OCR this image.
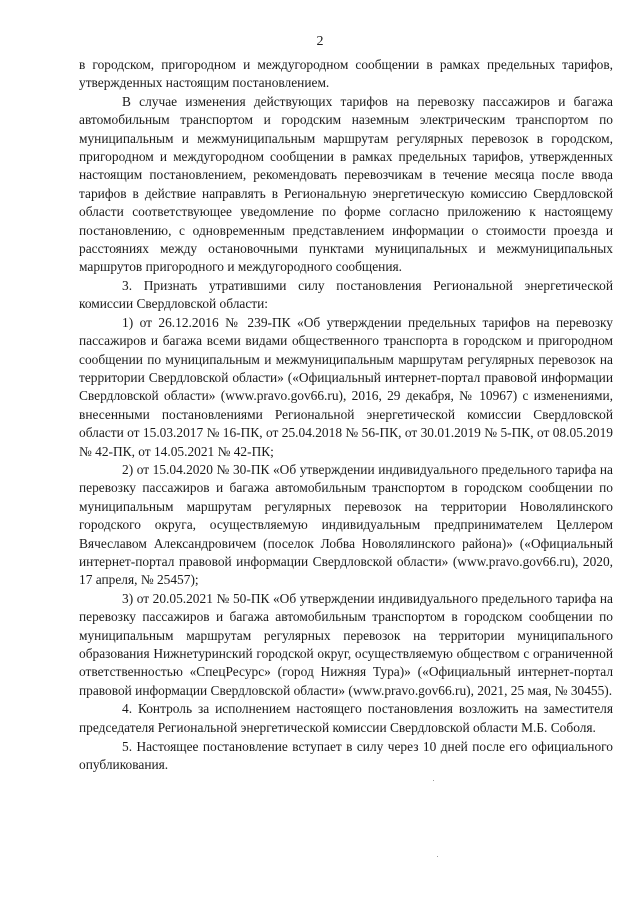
2

в городском, пригородном и междугородном сообщении в рамках предельных тарифов, утвержденных настоящим постановлением.

В случае изменения действующих тарифов на перевозку пассажиров и багажа автомобильным транспортом и городским наземным электрическим транспортом по муниципальным и межмуниципальным маршрутам регулярных перевозок в городском, пригородном и междугородном сообщении в рамках предельных тарифов, утвержденных настоящим постановлением, рекомендовать перевозчикам в течение месяца после ввода тарифов в действие направлять в Региональную энергетическую комиссию Свердловской области соответствующее уведомление по форме согласно приложению к настоящему постановлению, с одновременным представлением информации о стоимости проезда и расстояниях между остановочными пунктами муниципальных и межмуниципальных маршрутов пригородного и междугородного сообщения.

3. Признать утратившими силу постановления Региональной энергетической комиссии Свердловской области:

1) от 26.12.2016 № 239-ПК «Об утверждении предельных тарифов на перевозку пассажиров и багажа всеми видами общественного транспорта в городском и пригородном сообщении по муниципальным и межмуниципальным маршрутам регулярных перевозок на территории Свердловской области» («Официальный интернет-портал правовой информации Свердловской области» (www.pravo.gov66.ru), 2016, 29 декабря, № 10967) с изменениями, внесенными постановлениями Региональной энергетической комиссии Свердловской области от 15.03.2017 № 16-ПК, от 25.04.2018 № 56-ПК, от 30.01.2019 № 5-ПК, от 08.05.2019 № 42-ПК, от 14.05.2021 № 42-ПК;

2) от 15.04.2020 № 30-ПК «Об утверждении индивидуального предельного тарифа на перевозку пассажиров и багажа автомобильным транспортом в городском сообщении по муниципальным маршрутам регулярных перевозок на территории Новолялинского городского округа, осуществляемую индивидуальным предпринимателем Целлером Вячеславом Александровичем (поселок Лобва Новолялинского района)» («Официальный интернет-портал правовой информации Свердловской области» (www.pravo.gov66.ru), 2020, 17 апреля, № 25457);

3) от 20.05.2021 № 50-ПК «Об утверждении индивидуального предельного тарифа на перевозку пассажиров и багажа автомобильным транспортом в городском сообщении по муниципальным маршрутам регулярных перевозок на территории муниципального образования Нижнетуринский городской округ, осуществляемую обществом с ограниченной ответственностью «СпецРесурс» (город Нижняя Тура)» («Официальный интернет-портал правовой информации Свердловской области» (www.pravo.gov66.ru), 2021, 25 мая, № 30455).

4. Контроль за исполнением настоящего постановления возложить на заместителя председателя Региональной энергетической комиссии Свердловской области М.Б. Соболя.

5. Настоящее постановление вступает в силу через 10 дней после его официального опубликования.
